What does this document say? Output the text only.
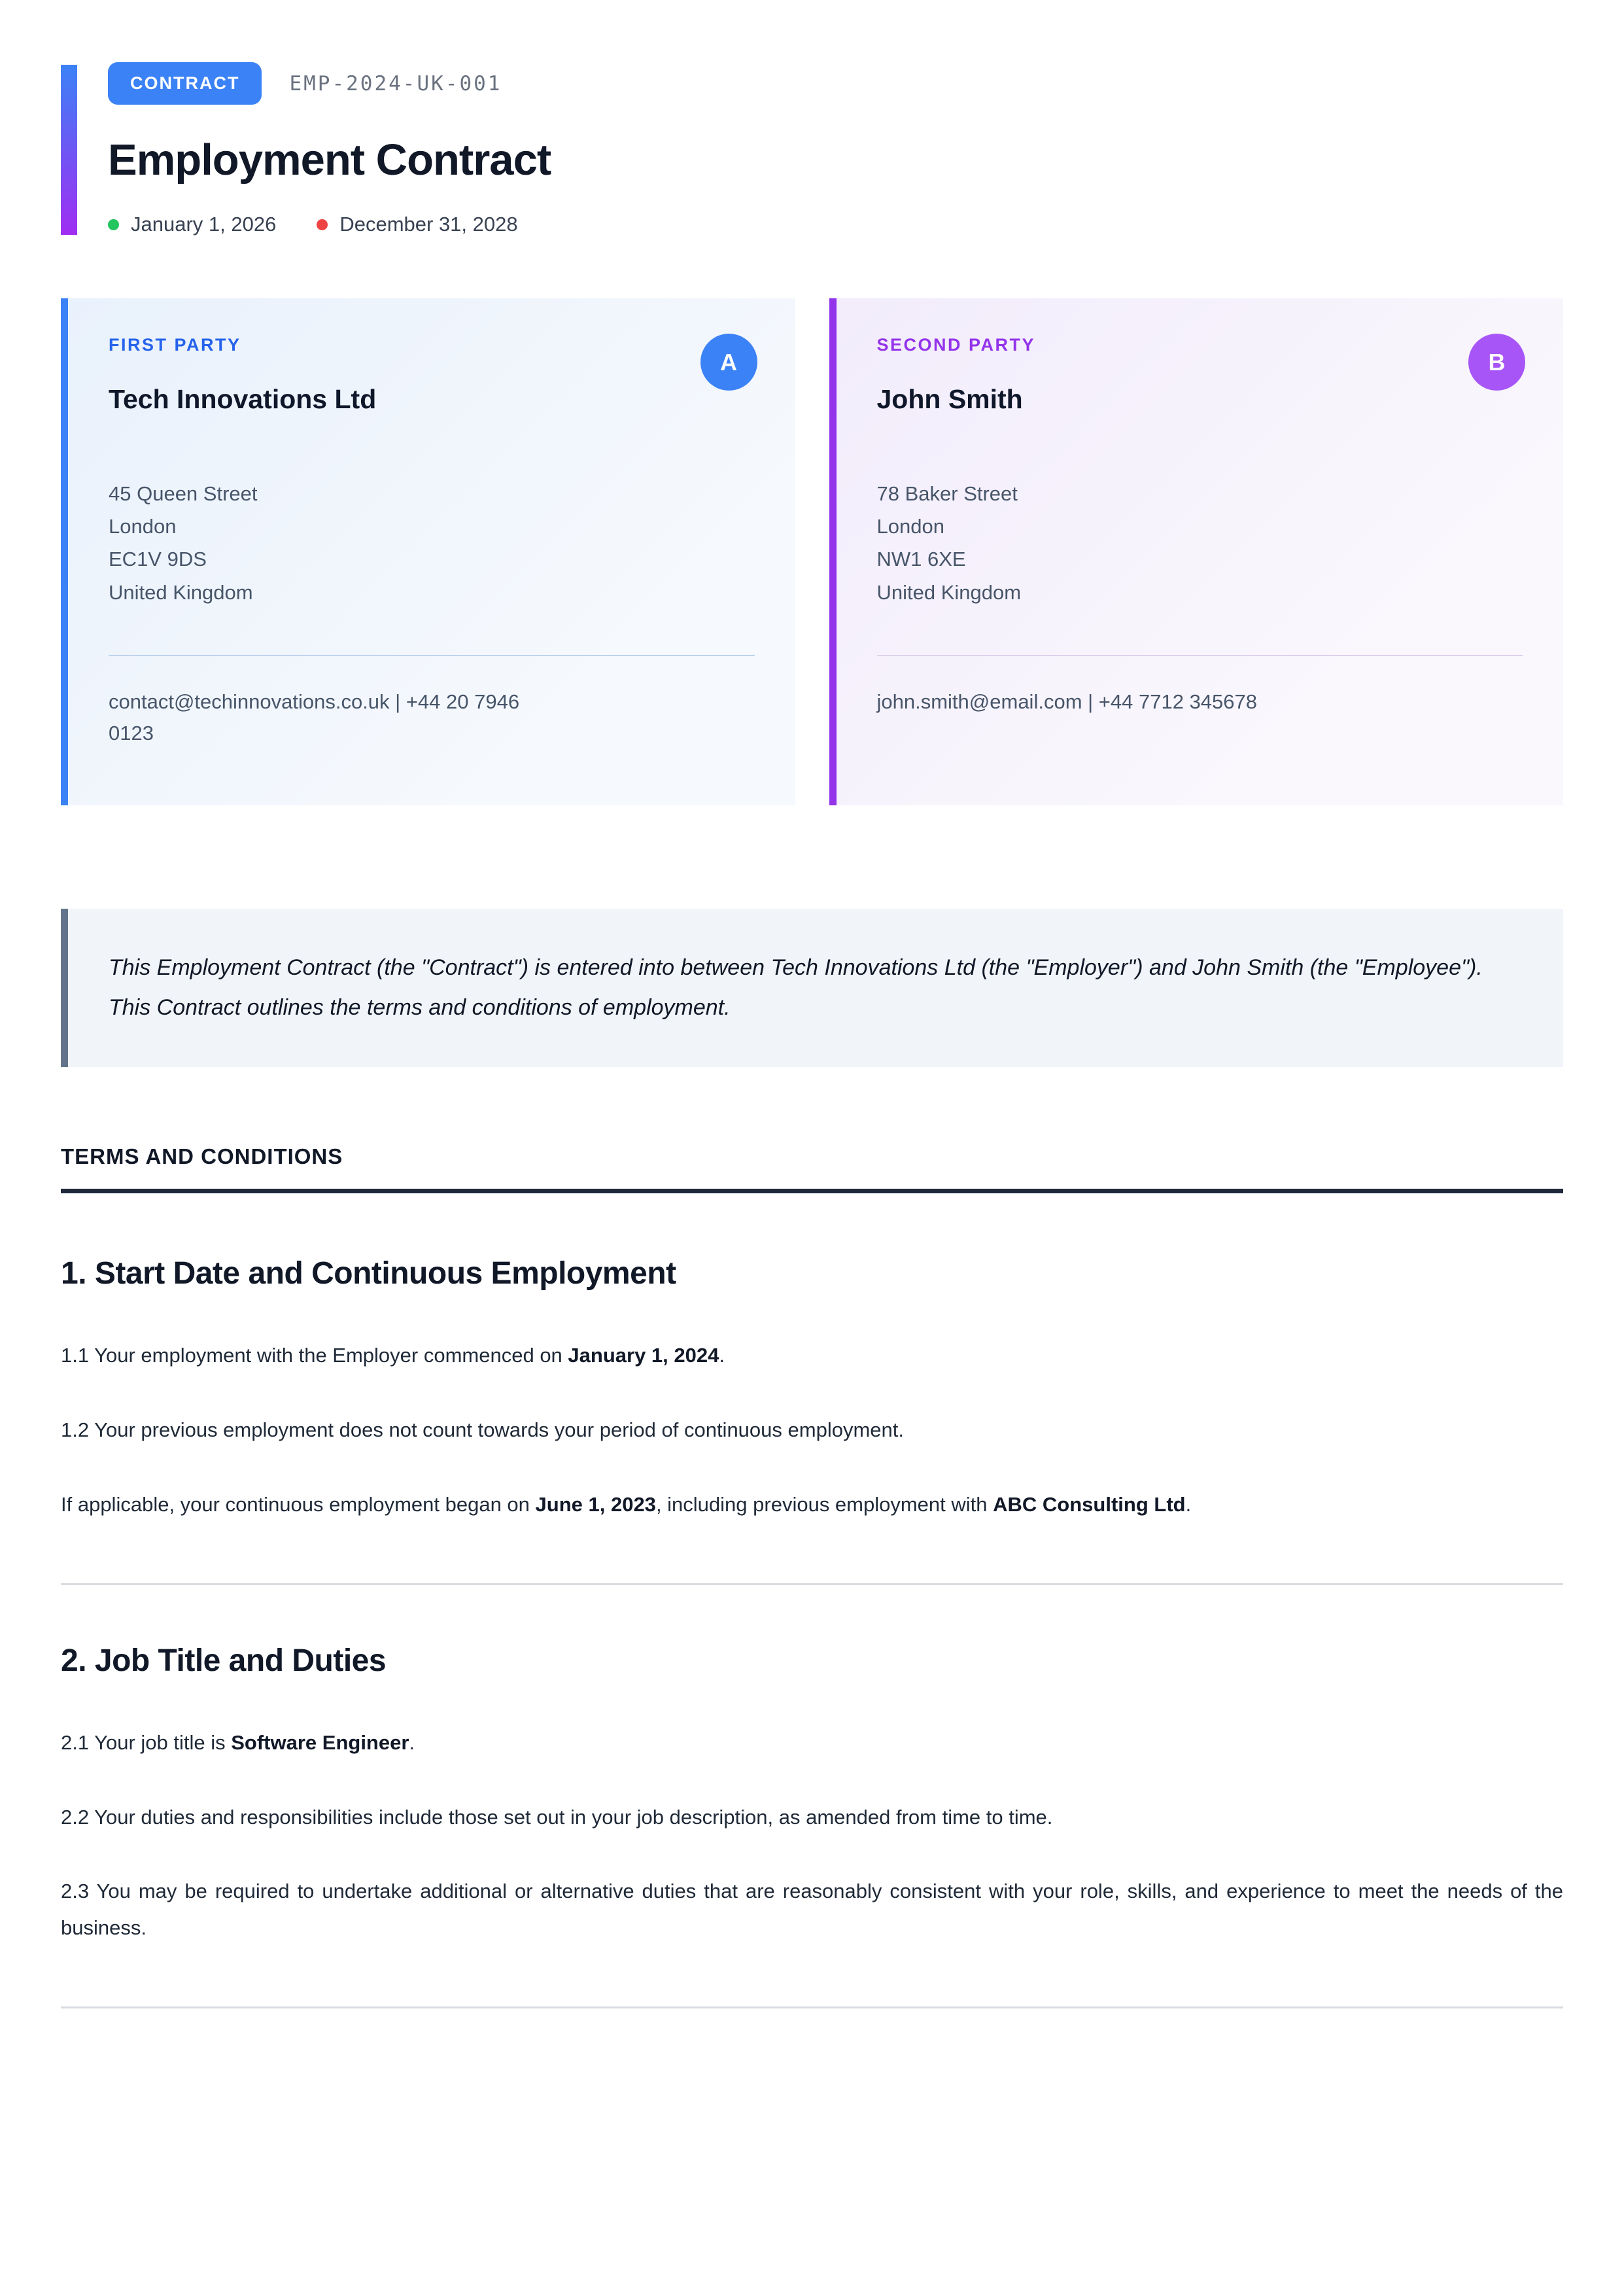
CONTRACT	EMP-2024-UK-001
Employment Contract
January 1, 2026	December 31, 2028
FIRST PARTY
A
Tech Innovations Ltd
45 Queen Street
London
EC1V 9DS
United Kingdom

contact@techinnovations.co.uk | +44 20 7946 0123

SECOND PARTY
B
John Smith
78 Baker Street
London
NW1 6XE
United Kingdom

john.smith@email.com | +44 7712 345678

This Employment Contract (the "Contract") is entered into between Tech Innovations Ltd (the "Employer") and John Smith (the "Employee"). This Contract outlines the terms and conditions of employment.
TERMS AND CONDITIONS
1. Start Date and Continuous Employment

1.1 Your employment with the Employer commenced on January 1, 2024.

1.2 Your previous employment does not count towards your period of continuous employment.

If applicable, your continuous employment began on June 1, 2023, including previous employment with ABC Consulting Ltd.

2. Job Title and Duties

2.1 Your job title is Software Engineer.

2.2 Your duties and responsibilities include those set out in your job description, as amended from time to time.

2.3 You may be required to undertake additional or alternative duties that are reasonably consistent with your role, skills, and experience to meet the needs of the business.
